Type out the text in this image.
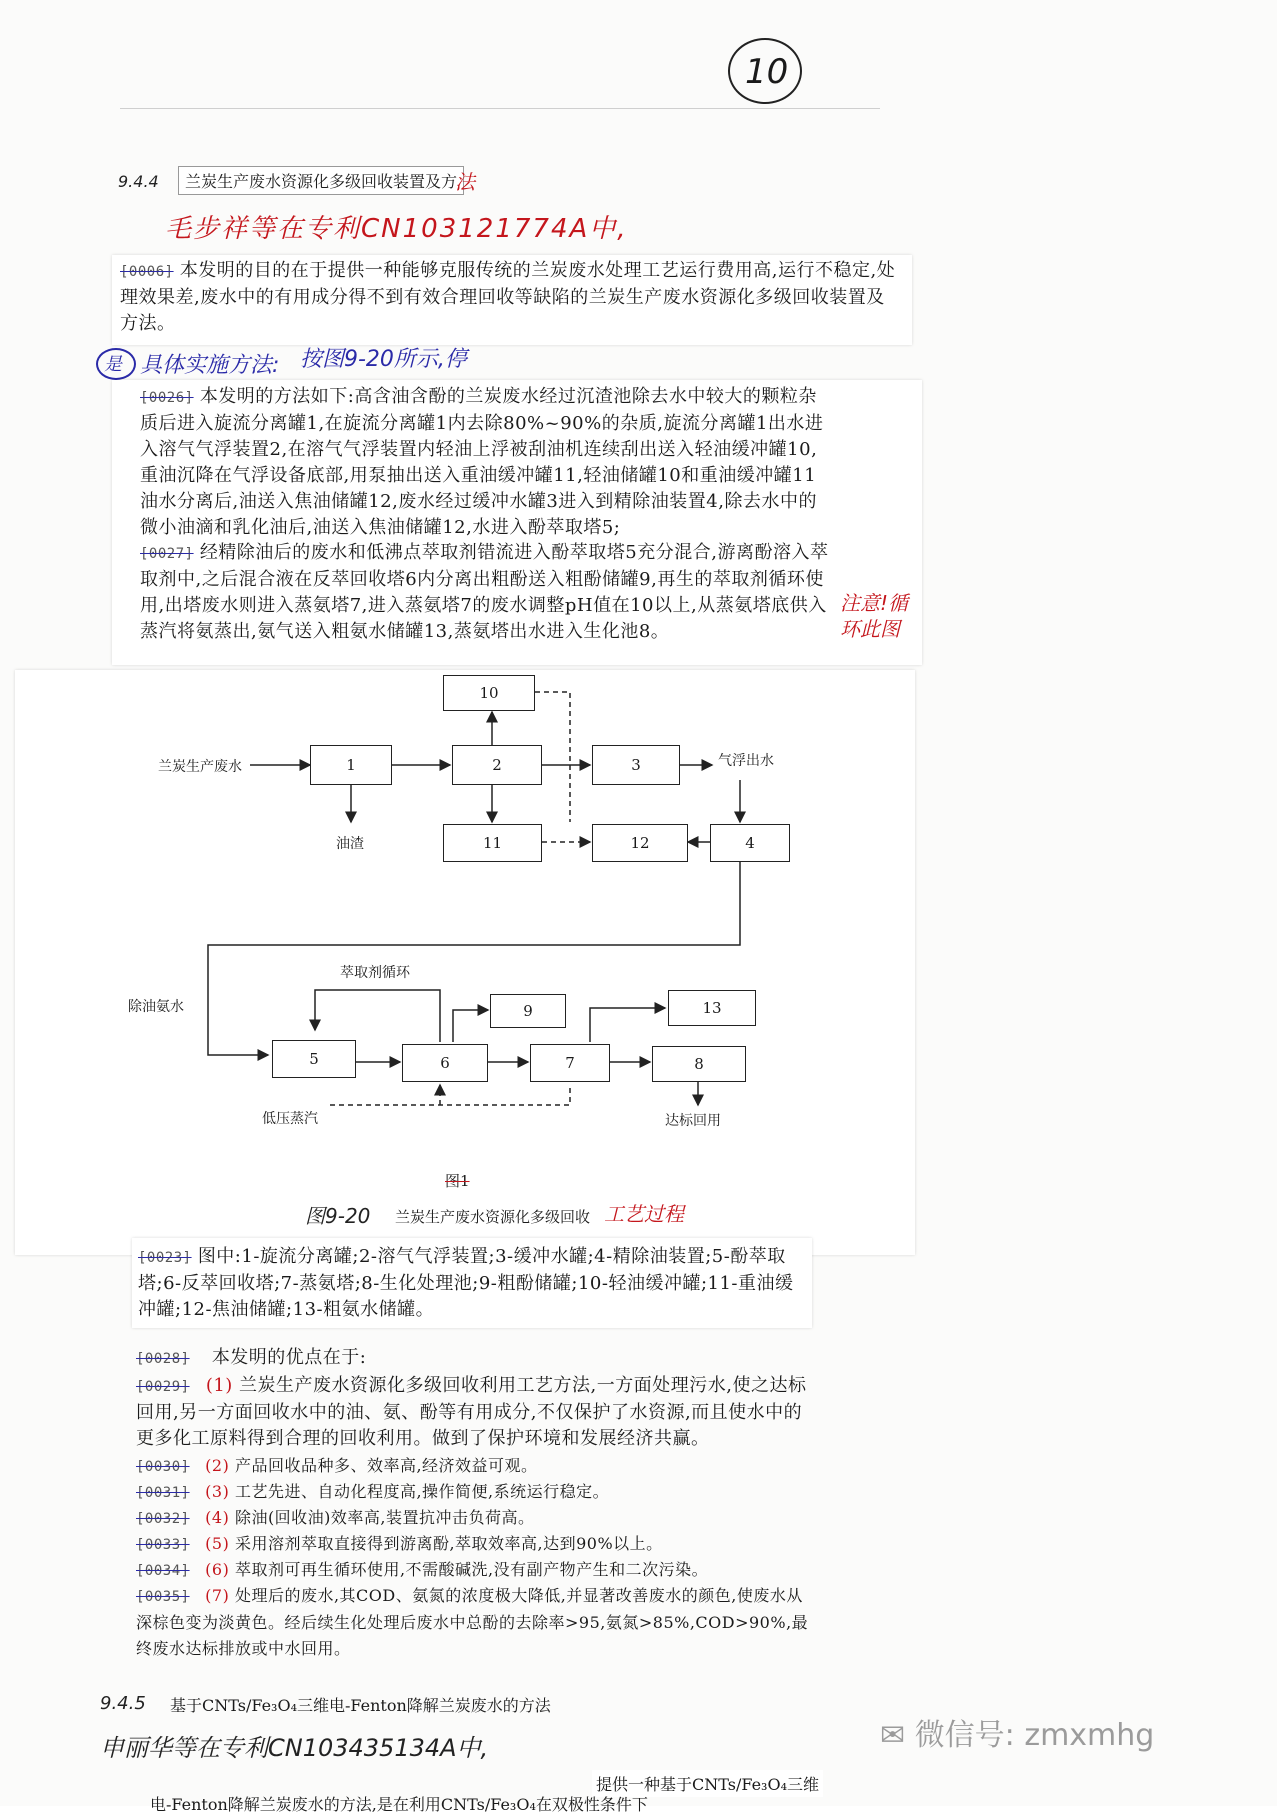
10
9.4.4	兰炭生产废水资源化多级回收装置及方
法
毛步祥等在专利CN103121774A中,
[0006] 本发明的目的在于提供一种能够克服传统的兰炭废水处理工艺运行费用高,运行不稳定,处理效果差,废水中的有用成分得不到有效合理回收等缺陷的兰炭生产废水资源化多级回收装置及方法。
是 具体实施方法: 按图9-20所示,停
[0026] 本发明的方法如下:高含油含酚的兰炭废水经过沉渣池除去水中较大的颗粒杂质后进入旋流分离罐1,在旋流分离罐1内去除80%~90%的杂质,旋流分离罐1出水进入溶气气浮装置2,在溶气气浮装置内轻油上浮被刮油机连续刮出送入轻油缓冲罐10,重油沉降在气浮设备底部,用泵抽出送入重油缓冲罐11,轻油储罐10和重油缓冲罐11油水分离后,油送入焦油储罐12,废水经过缓冲水罐3进入到精除油装置4,除去水中的微小油滴和乳化油后,油送入焦油储罐12,水进入酚萃取塔5;
[0027] 经精除油后的废水和低沸点萃取剂错流进入酚萃取塔5充分混合,游离酚溶入萃取剂中,之后混合液在反萃回收塔6内分离出粗酚送入粗酚储罐9,再生的萃取剂循环使用,出塔废水则进入蒸氨塔7,进入蒸氨塔7的废水调整pH值在10以上,从蒸氨塔底供入蒸汽将氨蒸出,氨气送入粗氨水储罐13,蒸氨塔出水进入生化池8。
注意!循环此图
1	2	3
4
5	6	7	8
9
10
11	12
13
兰炭生产废水
油渣
气浮出水
除油氨水
萃取剂循环
低压蒸汽	达标回用
图1
图9-20 兰炭生产废水资源化多级回收 工艺过程
[0023] 图中:1-旋流分离罐;2-溶气气浮装置;3-缓冲水罐;4-精除油装置;5-酚萃取塔;6-反萃回收塔;7-蒸氨塔;8-生化处理池;9-粗酚储罐;10-轻油缓冲罐;11-重油缓冲罐;12-焦油储罐;13-粗氨水储罐。
[0028] 本发明的优点在于:
[0029] (1) 兰炭生产废水资源化多级回收利用工艺方法,一方面处理污水,使之达标回用,另一方面回收水中的油、氨、酚等有用成分,不仅保护了水资源,而且使水中的更多化工原料得到合理的回收利用。做到了保护环境和发展经济共赢。
[0030] (2) 产品回收品种多、效率高,经济效益可观。
[0031] (3) 工艺先进、自动化程度高,操作简便,系统运行稳定。
[0032] (4) 除油(回收油)效率高,装置抗冲击负荷高。
[0033] (5) 采用溶剂萃取直接得到游离酚,萃取效率高,达到90%以上。
[0034] (6) 萃取剂可再生循环使用,不需酸碱洗,没有副产物产生和二次污染。
[0035] (7) 处理后的废水,其COD、氨氮的浓度极大降低,并显著改善废水的颜色,使废水从深棕色变为淡黄色。经后续生化处理后废水中总酚的去除率>95,氨氮>85%,COD>90%,最终废水达标排放或中水回用。
9.4.5 基于CNTs/Fe₃O₄三维电-Fenton降解兰炭废水的方法
申丽华等在专利CN103435134A中,
提供一种基于CNTs/Fe₃O₄三维
电-Fenton降解兰炭废水的方法,是在利用CNTs/Fe₃O₄在双极性条件下
✉ 微信号: zmxmhg
